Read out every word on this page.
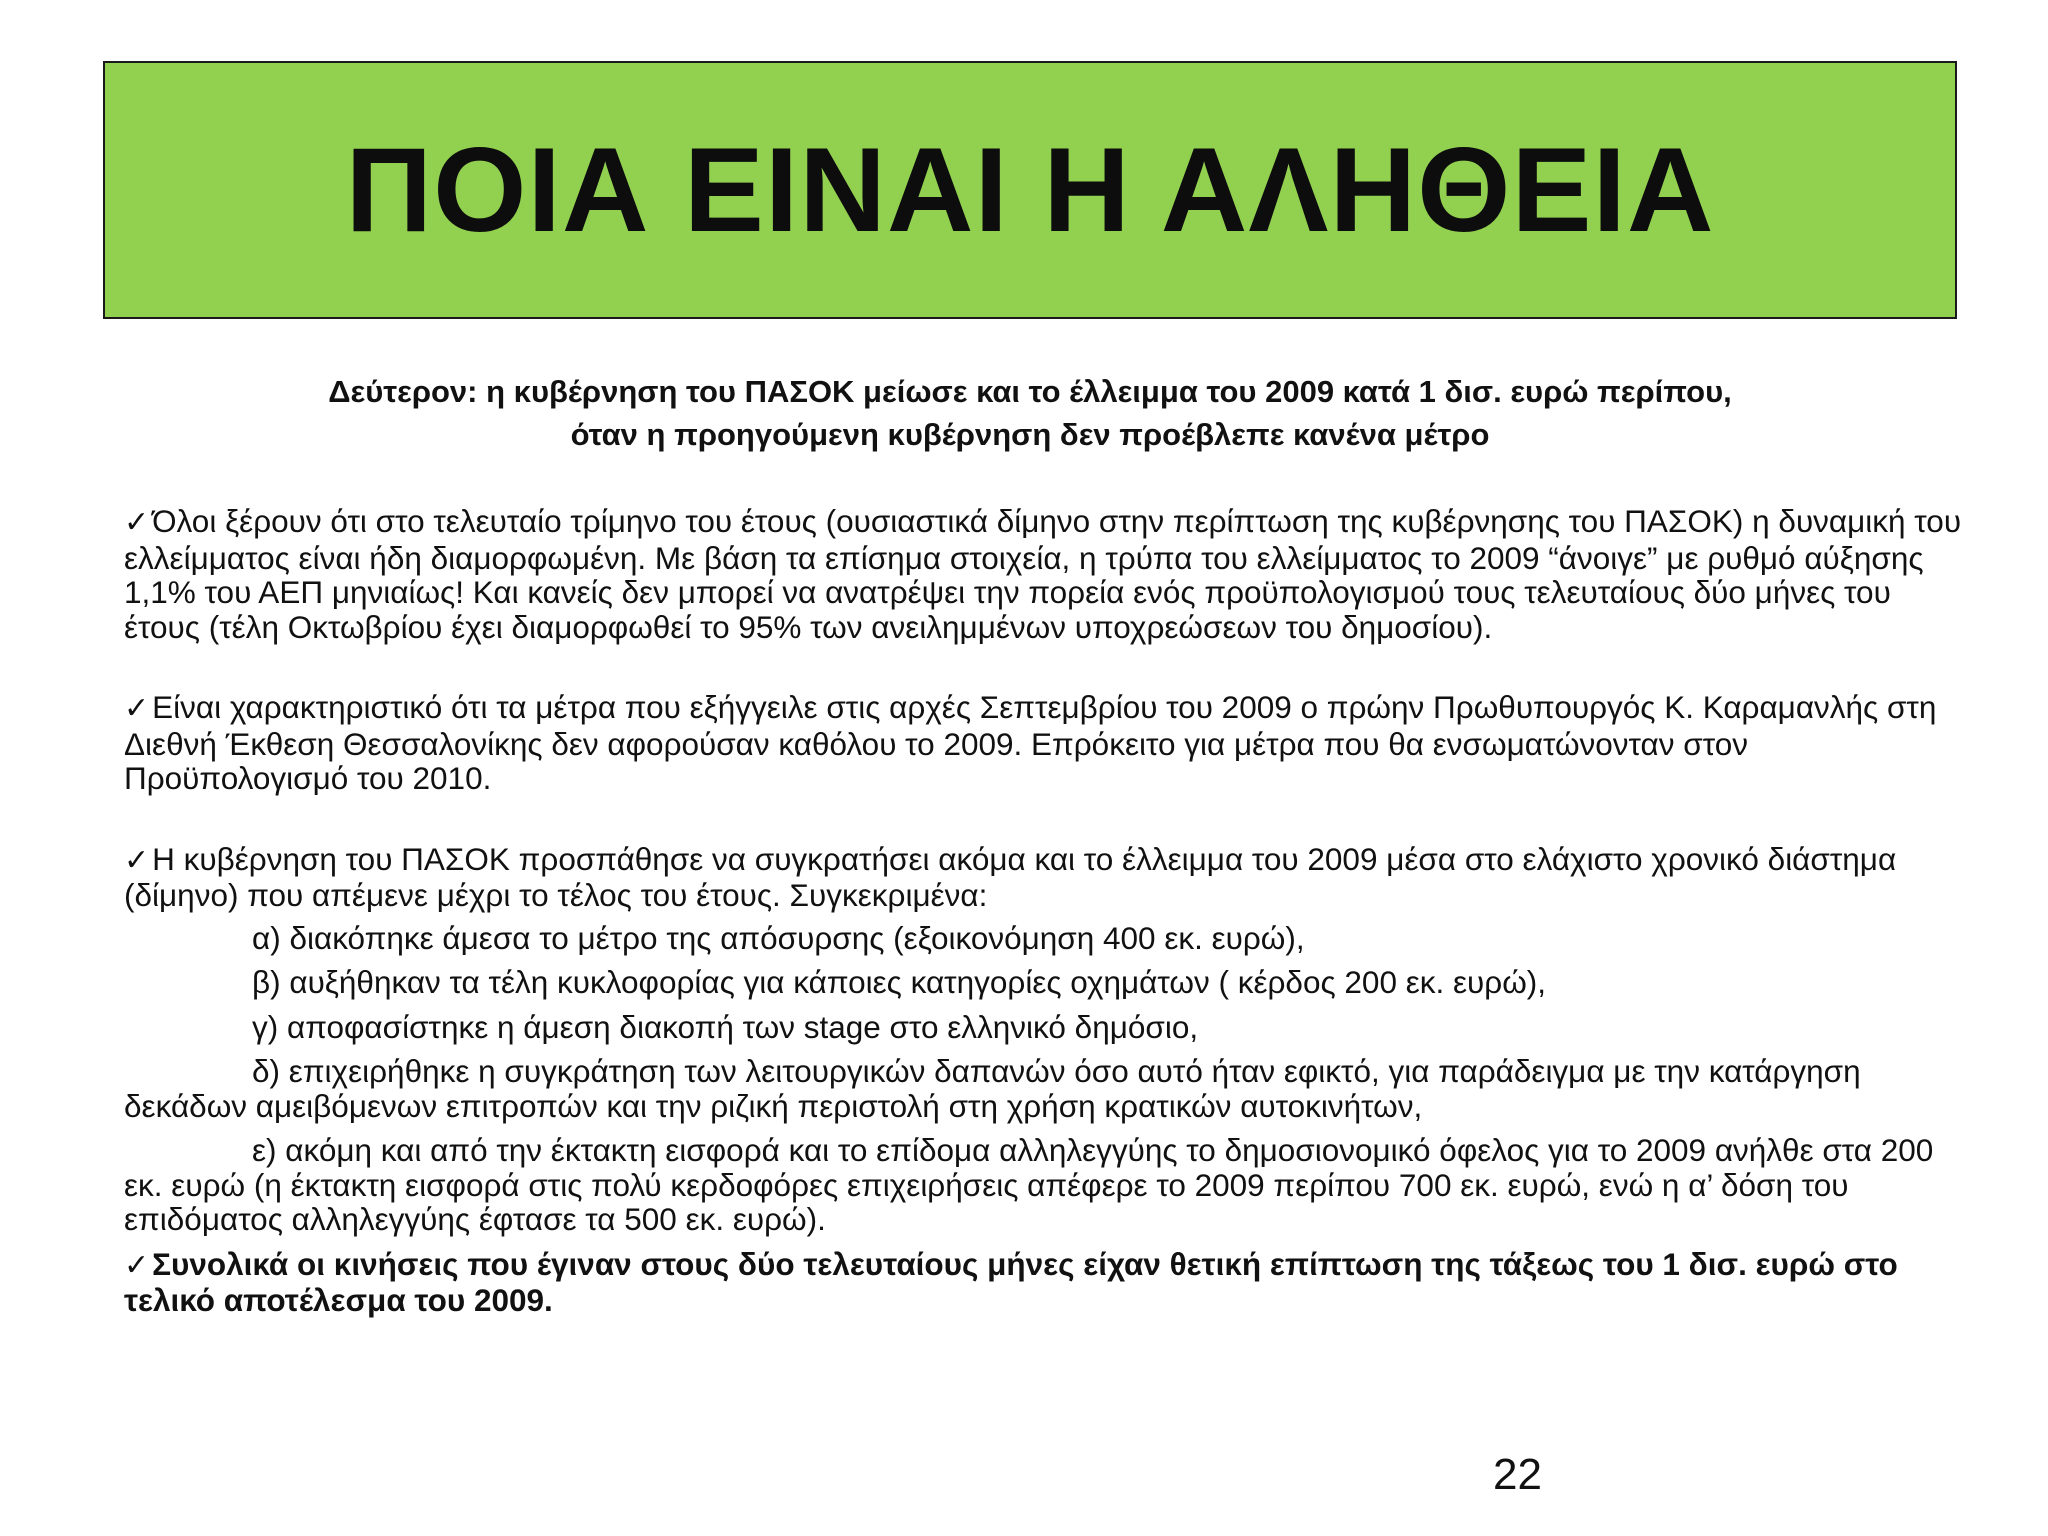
ΠΟΙΑ ΕΙΝΑΙ Η ΑΛΗΘΕΙΑ
Δεύτερον: η κυβέρνηση του ΠΑΣΟΚ μείωσε και το έλλειμμα του 2009 κατά 1 δισ. ευρώ περίπου,
όταν η προηγούμενη κυβέρνηση δεν προέβλεπε κανένα μέτρο

✓Όλοι ξέρουν ότι στο τελευταίο τρίμηνο του έτους (ουσιαστικά δίμηνο στην περίπτωση της κυβέρνησης του ΠΑΣΟΚ) η δυναμική του ελλείμματος είναι ήδη διαμορφωμένη. Με βάση τα επίσημα στοιχεία, η τρύπα του ελλείμματος το 2009 “άνοιγε” με ρυθμό αύξησης 1,1% του ΑΕΠ μηνιαίως! Και κανείς δεν μπορεί να ανατρέψει την πορεία ενός προϋπολογισμού τους τελευταίους δύο μήνες του έτους (τέλη Οκτωβρίου έχει διαμορφωθεί το 95% των ανειλημμένων υποχρεώσεων του δημοσίου).

✓Είναι χαρακτηριστικό ότι τα μέτρα που εξήγγειλε στις αρχές Σεπτεμβρίου του 2009 ο πρώην Πρωθυπουργός Κ. Καραμανλής στη Διεθνή Έκθεση Θεσσαλονίκης δεν αφορούσαν καθόλου το 2009. Επρόκειτο για μέτρα που θα ενσωματώνονταν στον Προϋπολογισμό του 2010.

✓Η κυβέρνηση του ΠΑΣΟΚ προσπάθησε να συγκρατήσει ακόμα και το έλλειμμα του 2009 μέσα στο ελάχιστο χρονικό διάστημα (δίμηνο) που απέμενε μέχρι το τέλος του έτους. Συγκεκριμένα:

α) διακόπηκε άμεσα το μέτρο της απόσυρσης (εξοικονόμηση 400 εκ. ευρώ),

β) αυξήθηκαν τα τέλη κυκλοφορίας για κάποιες κατηγορίες οχημάτων ( κέρδος 200 εκ. ευρώ),

γ) αποφασίστηκε η άμεση διακοπή των stage στο ελληνικό δημόσιο,

δ) επιχειρήθηκε η συγκράτηση των λειτουργικών δαπανών όσο αυτό ήταν εφικτό, για παράδειγμα με την κατάργηση δεκάδων αμειβόμενων επιτροπών και την ριζική περιστολή στη χρήση κρατικών αυτοκινήτων,

ε) ακόμη και από την έκτακτη εισφορά και το επίδομα αλληλεγγύης το δημοσιονομικό όφελος για το 2009 ανήλθε στα 200 εκ. ευρώ (η έκτακτη εισφορά στις πολύ κερδοφόρες επιχειρήσεις απέφερε το 2009 περίπου 700 εκ. ευρώ, ενώ η α’ δόση του επιδόματος αλληλεγγύης έφτασε τα 500 εκ. ευρώ).

✓Συνολικά οι κινήσεις που έγιναν στους δύο τελευταίους μήνες είχαν θετική επίπτωση της τάξεως του 1 δισ. ευρώ στο τελικό αποτέλεσμα του 2009.

22
